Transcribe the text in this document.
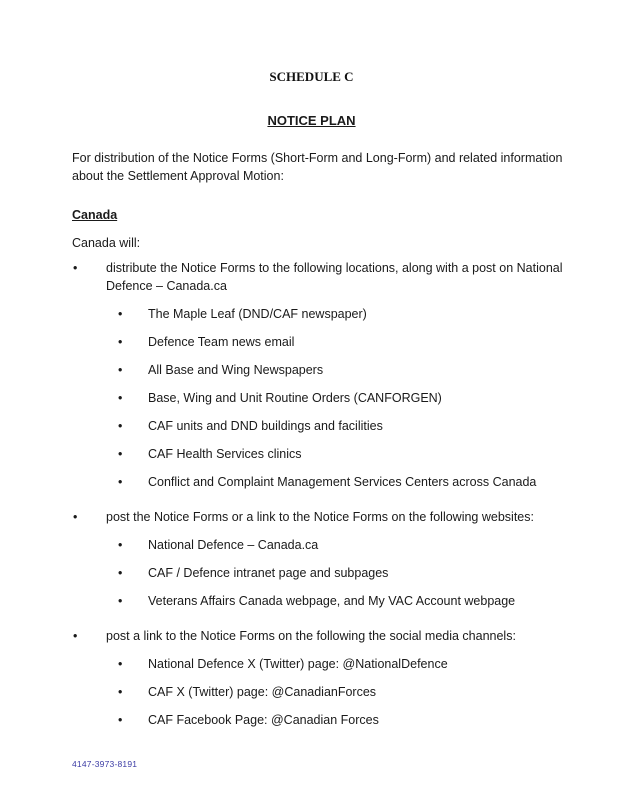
SCHEDULE C
NOTICE PLAN

For distribution of the Notice Forms (Short-Form and Long-Form) and related information
about the Settlement Approval Motion:

Canada
Canada will:
•	distribute the Notice Forms to the following locations, along with a post on National
Defence – Canada.ca
•	The Maple Leaf (DND/CAF newspaper)
•	Defence Team news email
•	All Base and Wing Newspapers
•	Base, Wing and Unit Routine Orders (CANFORGEN)
•	CAF units and DND buildings and facilities
•	CAF Health Services clinics
•	Conflict and Complaint Management Services Centers across Canada
•	post the Notice Forms or a link to the Notice Forms on the following websites:
•	National Defence – Canada.ca
•	CAF / Defence intranet page and subpages
•	Veterans Affairs Canada webpage, and My VAC Account webpage
•	post a link to the Notice Forms on the following the social media channels:
•	National Defence X (Twitter) page: @NationalDefence
•	CAF X (Twitter) page: @CanadianForces
•	CAF Facebook Page: @Canadian Forces
4147-3973-8191
